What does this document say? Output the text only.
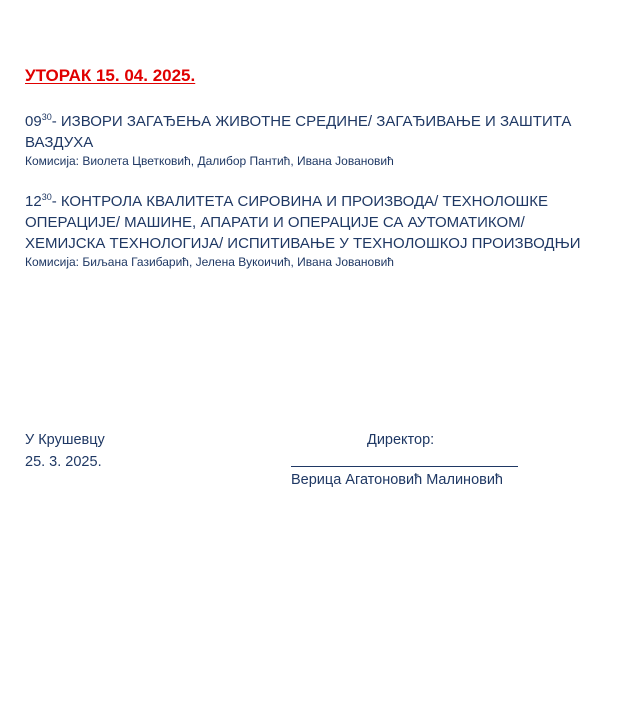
УТОРАК 15. 04. 2025.
$09^{30}-$ ИЗВОРИ ЗАГАЂЕЊА ЖИВОТНЕ СРЕДИНЕ/ ЗАГАЂИВАЊЕ И ЗАШТИТА
ВАЗДУХА
Комисија: Виолета Цветковић, Далибор Пантић, Ивана Јовановић
$12^{30}-$ КОНТРОЛА КВАЛИТЕТА СИРОВИНА И ПРОИЗВОДА/ ТЕХНОЛОШКЕ
ОПЕРАЦИЈЕ/ МАШИНЕ, АПАРАТИ И ОПЕРАЦИЈЕ СА АУТОМАТИКОМ/
ХЕМИЈСКА ТЕХНОЛОГИЈА/ ИСПИТИВАЊЕ У ТЕХНОЛОШКОЈ ПРОИЗВОДЊИ
Комисија: Биљана Газибарић, Јелена Вукоичић, Ивана Јовановић
У Крушевцу
25. 3. 2025.
Директор:
Верица Агатоновић Малиновић
